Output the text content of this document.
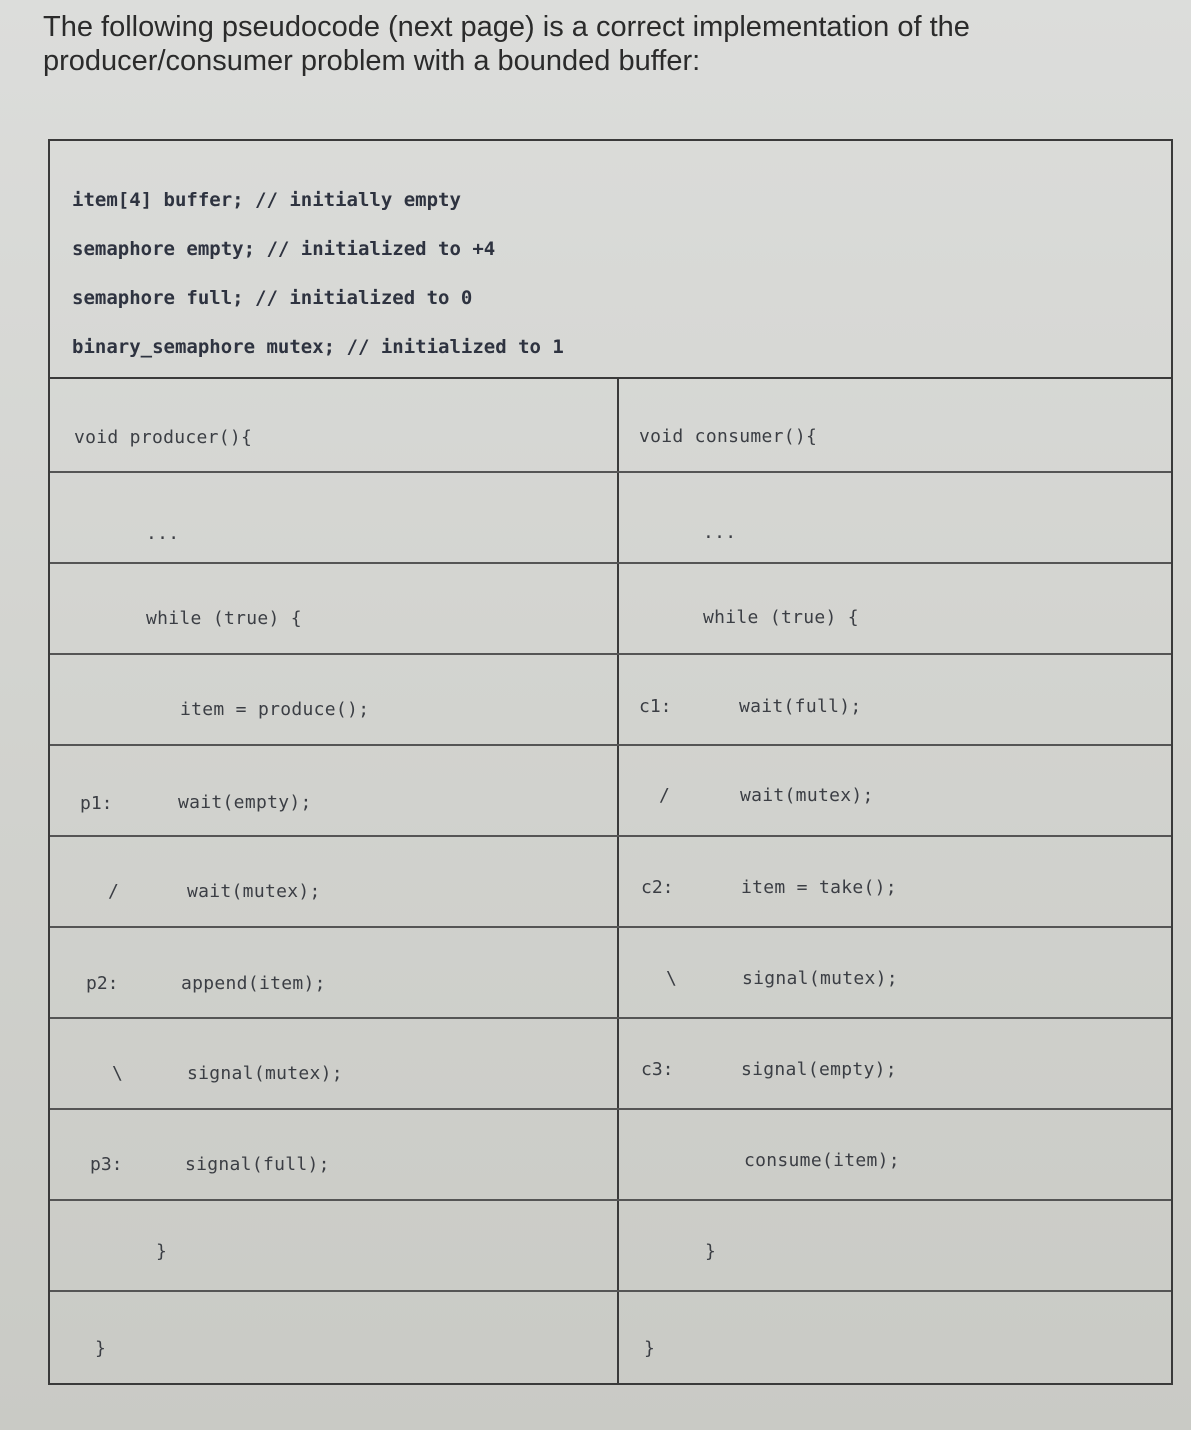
The following pseudocode (next page) is a correct implementation of the
producer/consumer problem with a bounded buffer:
item[4] buffer; // initially empty
semaphore empty; // initialized to +4
semaphore full; // initialized to 0
binary_semaphore mutex; // initialized to 1
void producer(){	void consumer(){
...	...
while (true) {	while (true) {
item = produce();	c1:	wait(full);
p1:	wait(empty);	/	wait(mutex);
/	wait(mutex);	c2:	item = take();
p2:	append(item);	\	signal(mutex);
\	signal(mutex);	c3:	signal(empty);
p3:	signal(full);	consume(item);
}	}
}	}
